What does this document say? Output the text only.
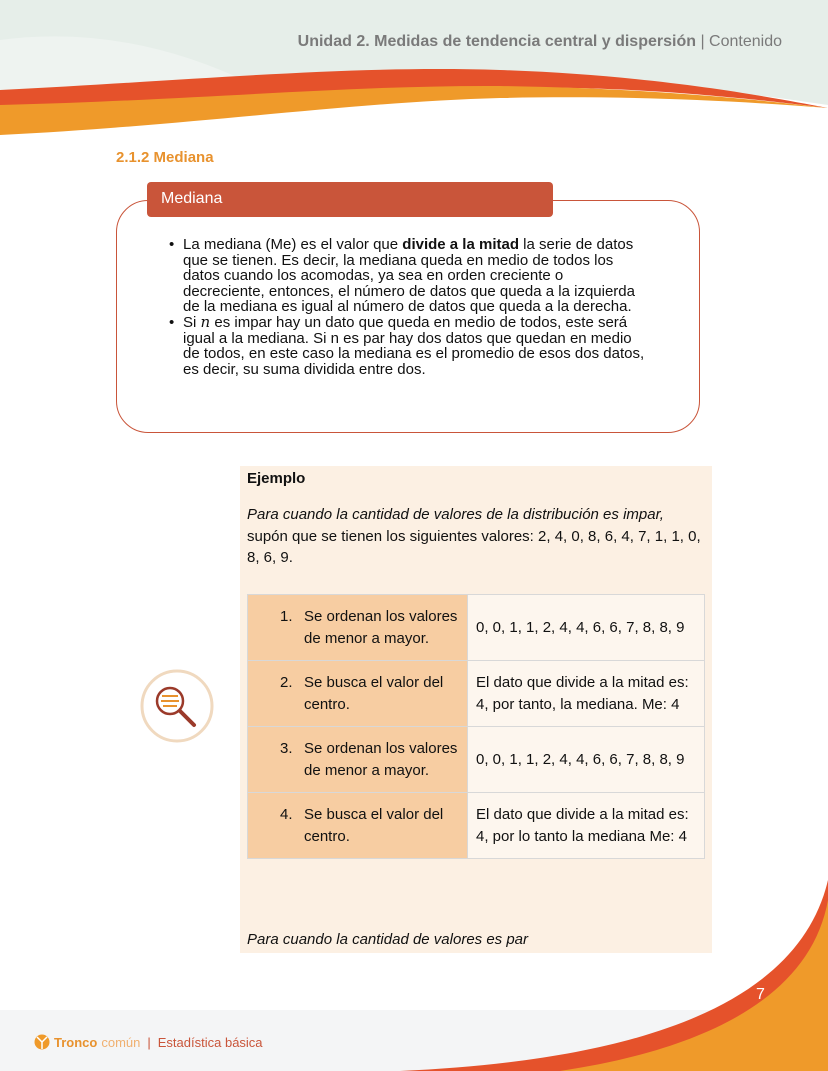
Unidad 2. Medidas de tendencia central y dispersión | Contenido
2.1.2 Mediana
• La mediana (Me) es el valor que divide a la mitad la serie de datos que se tienen. Es decir, la mediana queda en medio de todos los datos cuando los acomodas, ya sea en orden creciente o decreciente, entonces, el número de datos que queda a la izquierda de la mediana es igual al número de datos que queda a la derecha.
• Si n es impar hay un dato que queda en medio de todos, este será igual a la mediana. Si n es par hay dos datos que quedan en medio de todos, en este caso la mediana es el promedio de esos dos datos, es decir, su suma dividida entre dos.
Mediana
Ejemplo
Para cuando la cantidad de valores de la distribución es impar, supón que se tienen los siguientes valores: 2, 4, 0, 8, 6, 4, 7, 1, 1, 0, 8, 6, 9.
1. Se ordenan los valores de menor a mayor.	0, 0, 1, 1, 2, 4, 4, 6, 6, 7, 8, 8, 9
2. Se busca el valor del centro.	El dato que divide a la mitad es: 4, por tanto, la mediana. Me: 4
3. Se ordenan los valores de menor a mayor.	0, 0, 1, 1, 2, 4, 4, 6, 6, 7, 8, 8, 9
4. Se busca el valor del centro.	El dato que divide a la mitad es: 4, por lo tanto la mediana Me: 4
Para cuando la cantidad de valores es par
7
Tronco común | Estadística básica
